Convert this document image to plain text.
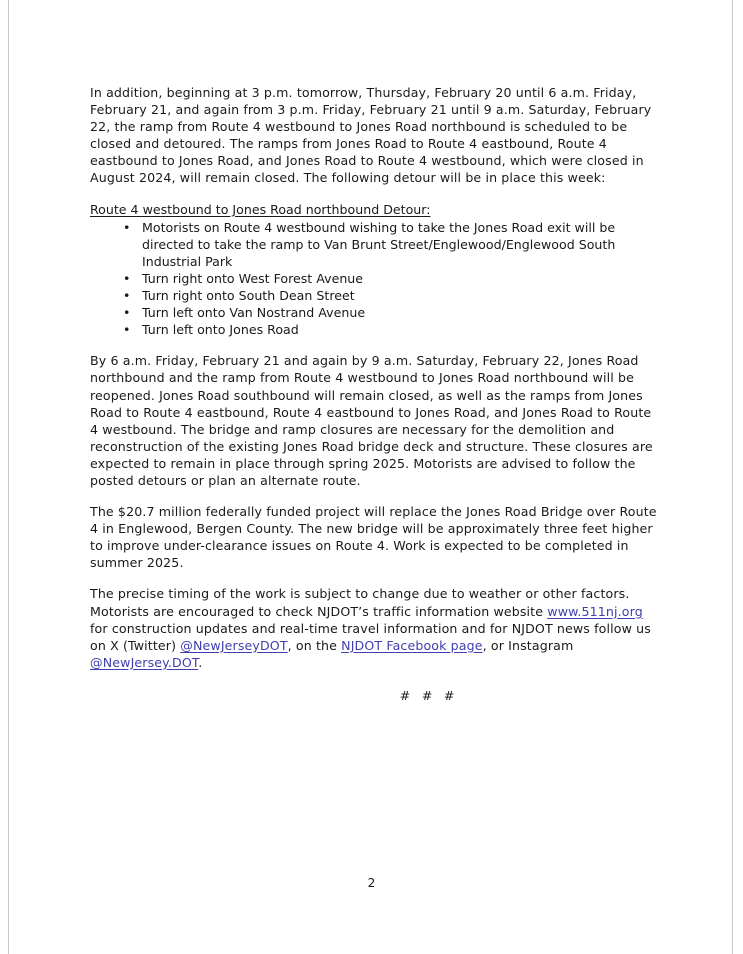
In addition, beginning at 3 p.m. tomorrow, Thursday, February 20 until 6 a.m. Friday, February 21, and again from 3 p.m. Friday, February 21 until 9 a.m. Saturday, February 22, the ramp from Route 4 westbound to Jones Road northbound is scheduled to be closed and detoured. The ramps from Jones Road to Route 4 eastbound, Route 4 eastbound to Jones Road, and Jones Road to Route 4 westbound, which were closed in August 2024, will remain closed. The following detour will be in place this week:

Route 4 westbound to Jones Road northbound Detour:
• Motorists on Route 4 westbound wishing to take the Jones Road exit will be directed to take the ramp to Van Brunt Street/Englewood/Englewood South Industrial Park
• Turn right onto West Forest Avenue
• Turn right onto South Dean Street
• Turn left onto Van Nostrand Avenue
• Turn left onto Jones Road

By 6 a.m. Friday, February 21 and again by 9 a.m. Saturday, February 22, Jones Road northbound and the ramp from Route 4 westbound to Jones Road northbound will be reopened. Jones Road southbound will remain closed, as well as the ramps from Jones Road to Route 4 eastbound, Route 4 eastbound to Jones Road, and Jones Road to Route 4 westbound. The bridge and ramp closures are necessary for the demolition and reconstruction of the existing Jones Road bridge deck and structure. These closures are expected to remain in place through spring 2025. Motorists are advised to follow the posted detours or plan an alternate route.

The $20.7 million federally funded project will replace the Jones Road Bridge over Route 4 in Englewood, Bergen County. The new bridge will be approximately three feet higher to improve under-clearance issues on Route 4. Work is expected to be completed in summer 2025.

The precise timing of the work is subject to change due to weather or other factors. Motorists are encouraged to check NJDOT’s traffic information website www.511nj.org for construction updates and real-time travel information and for NJDOT news follow us on X (Twitter) @NewJerseyDOT, on the NJDOT Facebook page, or Instagram @NewJersey.DOT.

# # #
2
